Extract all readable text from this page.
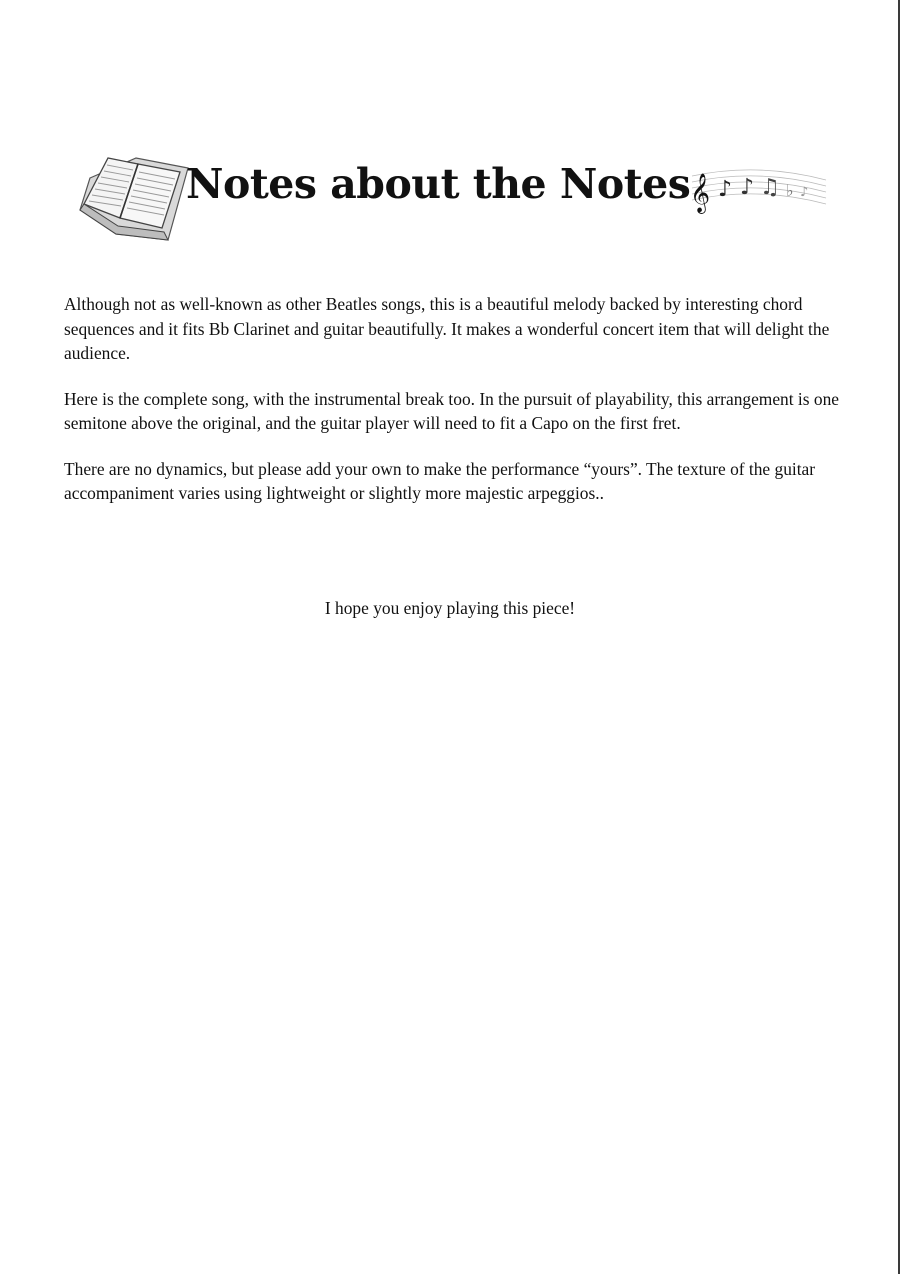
Notes about the Notes 𝄞 ♪ ♪ ♫ ♭ ♪

Although not as well-known as other Beatles songs, this is a beautiful melody backed by interesting chord sequences and it fits Bb Clarinet and guitar beautifully. It makes a wonderful concert item that will delight the audience.

Here is the complete song, with the instrumental break too. In the pursuit of playability, this arrangement is one semitone above the original, and the guitar player will need to fit a Capo on the first fret.

There are no dynamics, but please add your own to make the performance “yours”. The texture of the guitar accompaniment varies using lightweight or slightly more majestic arpeggios..

I hope you enjoy playing this piece!
